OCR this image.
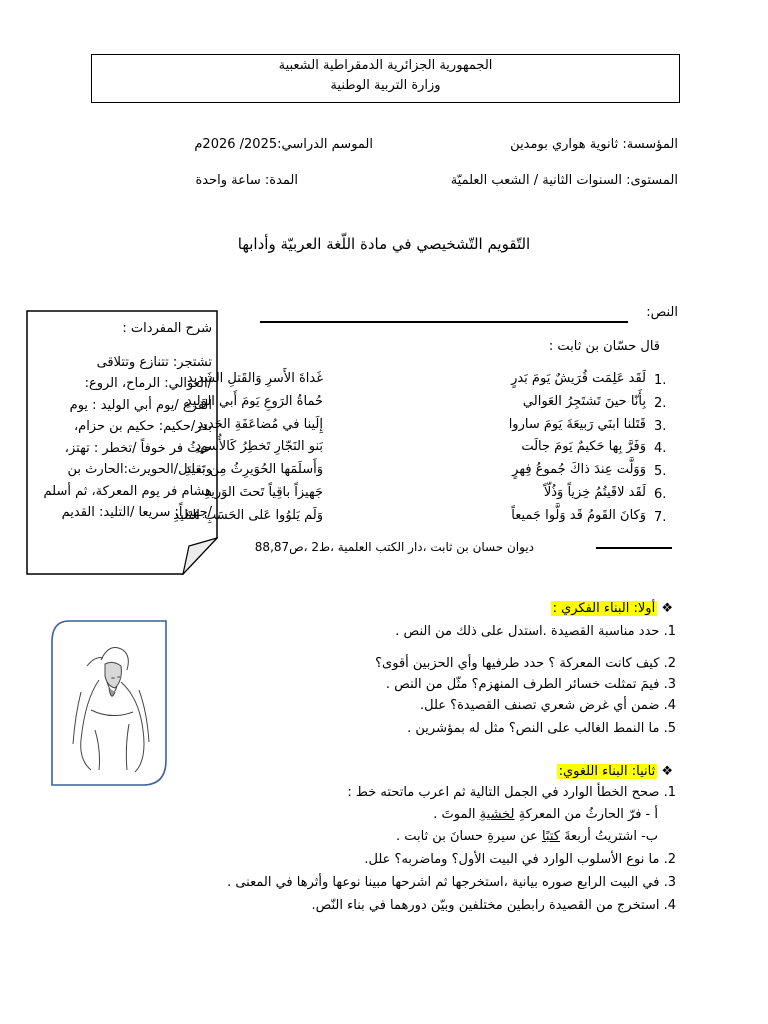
الجمهورية الجزائرية الدمقراطية الشعبية
وزارة التربية الوطنية
المؤسسة: ثانوية هواري بومدين
الموسم الدراسي:2025/ 2026م
المستوى: السنوات الثانية / الشعب العلميّة
المدة: ساعة واحدة
التّقويم التّشخيصي في مادة اللّغة العربيّة وأدابها
النص:
قال حسّان بن ثابت :
شرح المفردات :
تشتجر: تتنازع وتتلاقى
/العوالي: الرماح، الروع:
الفزع /يوم أبي الوليد : يوم
بدر/حكيم: حكيم بن حزام،
حيثُ فر خوفاً /تخطر : تهتز،
وتقاتل/الحويرث:الحارث بن
هشام فر يوم المعركة، ثم أسلم
/جهيزاً: سريعا /التليد: القديم
1.
لَقَد عَلِمَت قُرَيشٌ يَومَ بَدرٍ
غَداةَ الأَسرِ وَالقَتلِ الشَديدِ
2.
بِأَنّا حينَ تَشتَجِرُ العَوالي
حُماةُ الرَوعِ يَومَ أَبي الوَليدِ
3.
قَتَلنا ابنَي رَبيعَةَ يَومَ ساروا
إِلَينا في مُضاعَفَةِ الحَديدِ
4.
وَفَرَّ بِها حَكيمٌ يَومَ جالَت
بَنو النَجّارِ تَخطِرُ كَالأُسودِ
5.
وَوَلَّت عِندَ ذاكَ جُموعُ فِهرٍ
وَأَسلَمَها الحُوَيرِثُ مِن بَعيدِ
6.
لَقَد لاقَيتُمُ خِزياً وَذُلّاً
جَهيزاً باقِياً تَحتَ الوَريدِ
7.
وَكانَ القَومُ قَد وَلَّوا جَميعاً
وَلَم يَلوُوا عَلى الحَسَبِ التَليدِ
ديوان حسان بن ثابت ،دار الكتب العلمية ،ط2 ،ص88,87
❖ أولا: البناء الفكري :
1. حدد مناسبة القصيدة .استدل على ذلك من النص .
2. كيف كانت المعركة ؟ حدد طرفيها وأي الحزبين أقوى؟
3. فيمَ تمثلت خسائر الطرف المنهزم؟ مثّل من النص .
4. ضمن أي غرض شعري تصنف القصيدة؟ علل.
5. ما النمط الغالب على النص؟ مثل له بمؤشرين .
❖ ثانيا: البناء اللغوي:
1. صحح الخطأ الوارد في الجمل التالية ثم اعرب ماتحته خط :
أ - فرّ الحارثُ من المعركةِ لخشيةِ الموتَ .
ب- اشتريتُ أربعةَ كتبًا عن سيرةِ حسانَ بن ثابت .
2. ما نوع الأسلوب الوارد في البيت الأول؟ وماضربه؟ علل.
3. في البيت الرابع صوره بيانية ،استخرجها ثم اشرحها مبينا نوعها وأثرها في المعنى .
4. استخرج من القصيدة رابطين مختلفين وبيّن دورهما في بناء النّص.
